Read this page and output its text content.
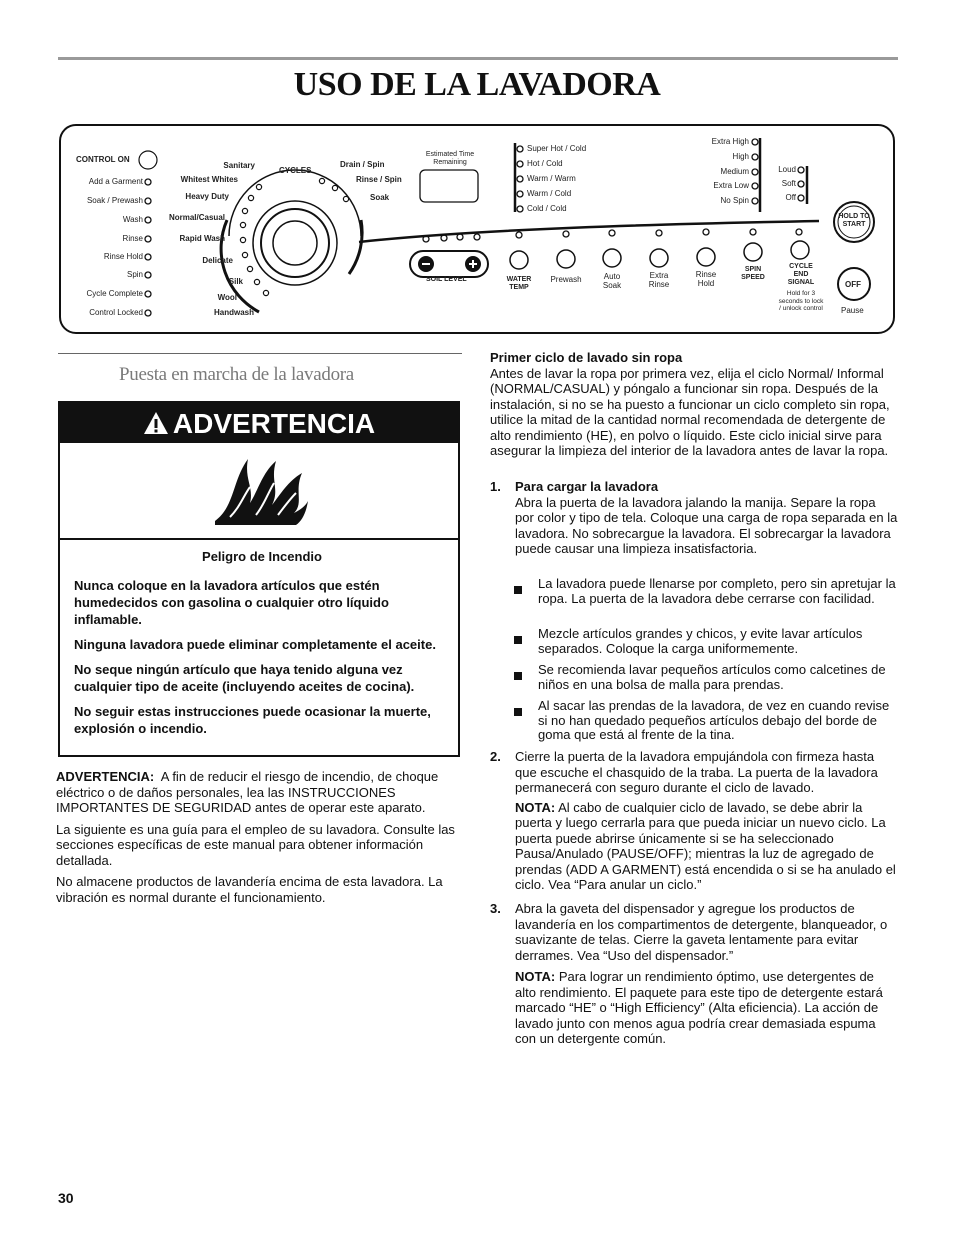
USO DE LA LAVADORA
CONTROL ON
Add a Garment
Soak / Prewash
Wash
Rinse
Rinse Hold
Spin
Cycle Complete
Control Locked
CYCLES
Sanitary
Whitest Whites
Heavy Duty
Normal/Casual
Rapid Wash
Delicate
Silk
Wool
Handwash
Drain / Spin
Rinse / Spin
Soak
Estimated Time Remaining
Super Hot / Cold
Hot / Cold
Warm / Warm
Warm / Cold
Cold / Cold
Extra High
High
Medium
Extra Low
No Spin
Loud
Soft
Off
HOLD TO START
SOIL LEVEL	WATER TEMP
Prewash	Auto Soak
Extra Rinse
Rinse Hold
SPIN SPEED
CYCLE END SIGNAL
Hold for 3 seconds to lock / unlock control
OFF
Pause
Puesta en marcha de la lavadora
ADVERTENCIA

Peligro de Incendio

Nunca coloque en la lavadora artículos que estén humedecidos con gasolina o cualquier otro líquido inflamable.

Ninguna lavadora puede eliminar completamente el aceite.

No seque ningún artículo que haya tenido alguna vez cualquier tipo de aceite (incluyendo aceites de cocina).

No seguir estas instrucciones puede ocasionar la muerte, explosión o incendio.

ADVERTENCIA: A fin de reducir el riesgo de incendio, de choque eléctrico o de daños personales, lea las INSTRUCCIONES IMPORTANTES DE SEGURIDAD antes de operar este aparato.

La siguiente es una guía para el empleo de su lavadora. Consulte las secciones específicas de este manual para obtener información detallada.

No almacene productos de lavandería encima de esta lavadora. La vibración es normal durante el funcionamiento.

Primer ciclo de lavado sin ropa

Antes de lavar la ropa por primera vez, elija el ciclo Normal/ Informal (NORMAL/CASUAL) y póngalo a funcionar sin ropa. Después de la instalación, si no se ha puesto a funcionar un ciclo completo sin ropa, utilice la mitad de la cantidad normal recomendada de detergente de alto rendimiento (HE), en polvo o líquido. Este ciclo inicial sirve para asegurar la limpieza del interior de la lavadora antes de lavar la ropa.

1. Para cargar la lavadora

Abra la puerta de la lavadora jalando la manija. Separe la ropa por color y tipo de tela. Coloque una carga de ropa separada en la lavadora. No sobrecargue la lavadora. El sobrecargar la lavadora puede causar una limpieza insatisfactoria.

La lavadora puede llenarse por completo, pero sin apretujar la ropa. La puerta de la lavadora debe cerrarse con facilidad.
Mezcle artículos grandes y chicos, y evite lavar artículos separados. Coloque la carga uniformemente.
Se recomienda lavar pequeños artículos como calcetines de niños en una bolsa de malla para prendas.
Al sacar las prendas de la lavadora, de vez en cuando revise si no han quedado pequeños artículos debajo del borde de goma que está al frente de la tina.
2. Cierre la puerta de la lavadora empujándola con firmeza hasta que escuche el chasquido de la traba. La puerta de la lavadora permanecerá con seguro durante el ciclo de lavado.

NOTA: Al cabo de cualquier ciclo de lavado, se debe abrir la puerta y luego cerrarla para que pueda iniciar un nuevo ciclo. La puerta puede abrirse únicamente si se ha seleccionado Pausa/Anulado (PAUSE/OFF); mientras la luz de agregado de prendas (ADD A GARMENT) está encendida o si se ha anulado el ciclo. Vea “Para anular un ciclo.”

3. Abra la gaveta del dispensador y agregue los productos de lavandería en los compartimentos de detergente, blanqueador, o suavizante de telas. Cierre la gaveta lentamente para evitar derrames. Vea “Uso del dispensador.”

NOTA: Para lograr un rendimiento óptimo, use detergentes de alto rendimiento. El paquete para este tipo de detergente estará marcado “HE” o “High Efficiency” (Alta eficiencia). La acción de lavado junto con menos agua podría crear demasiada espuma con un detergente común.

30
